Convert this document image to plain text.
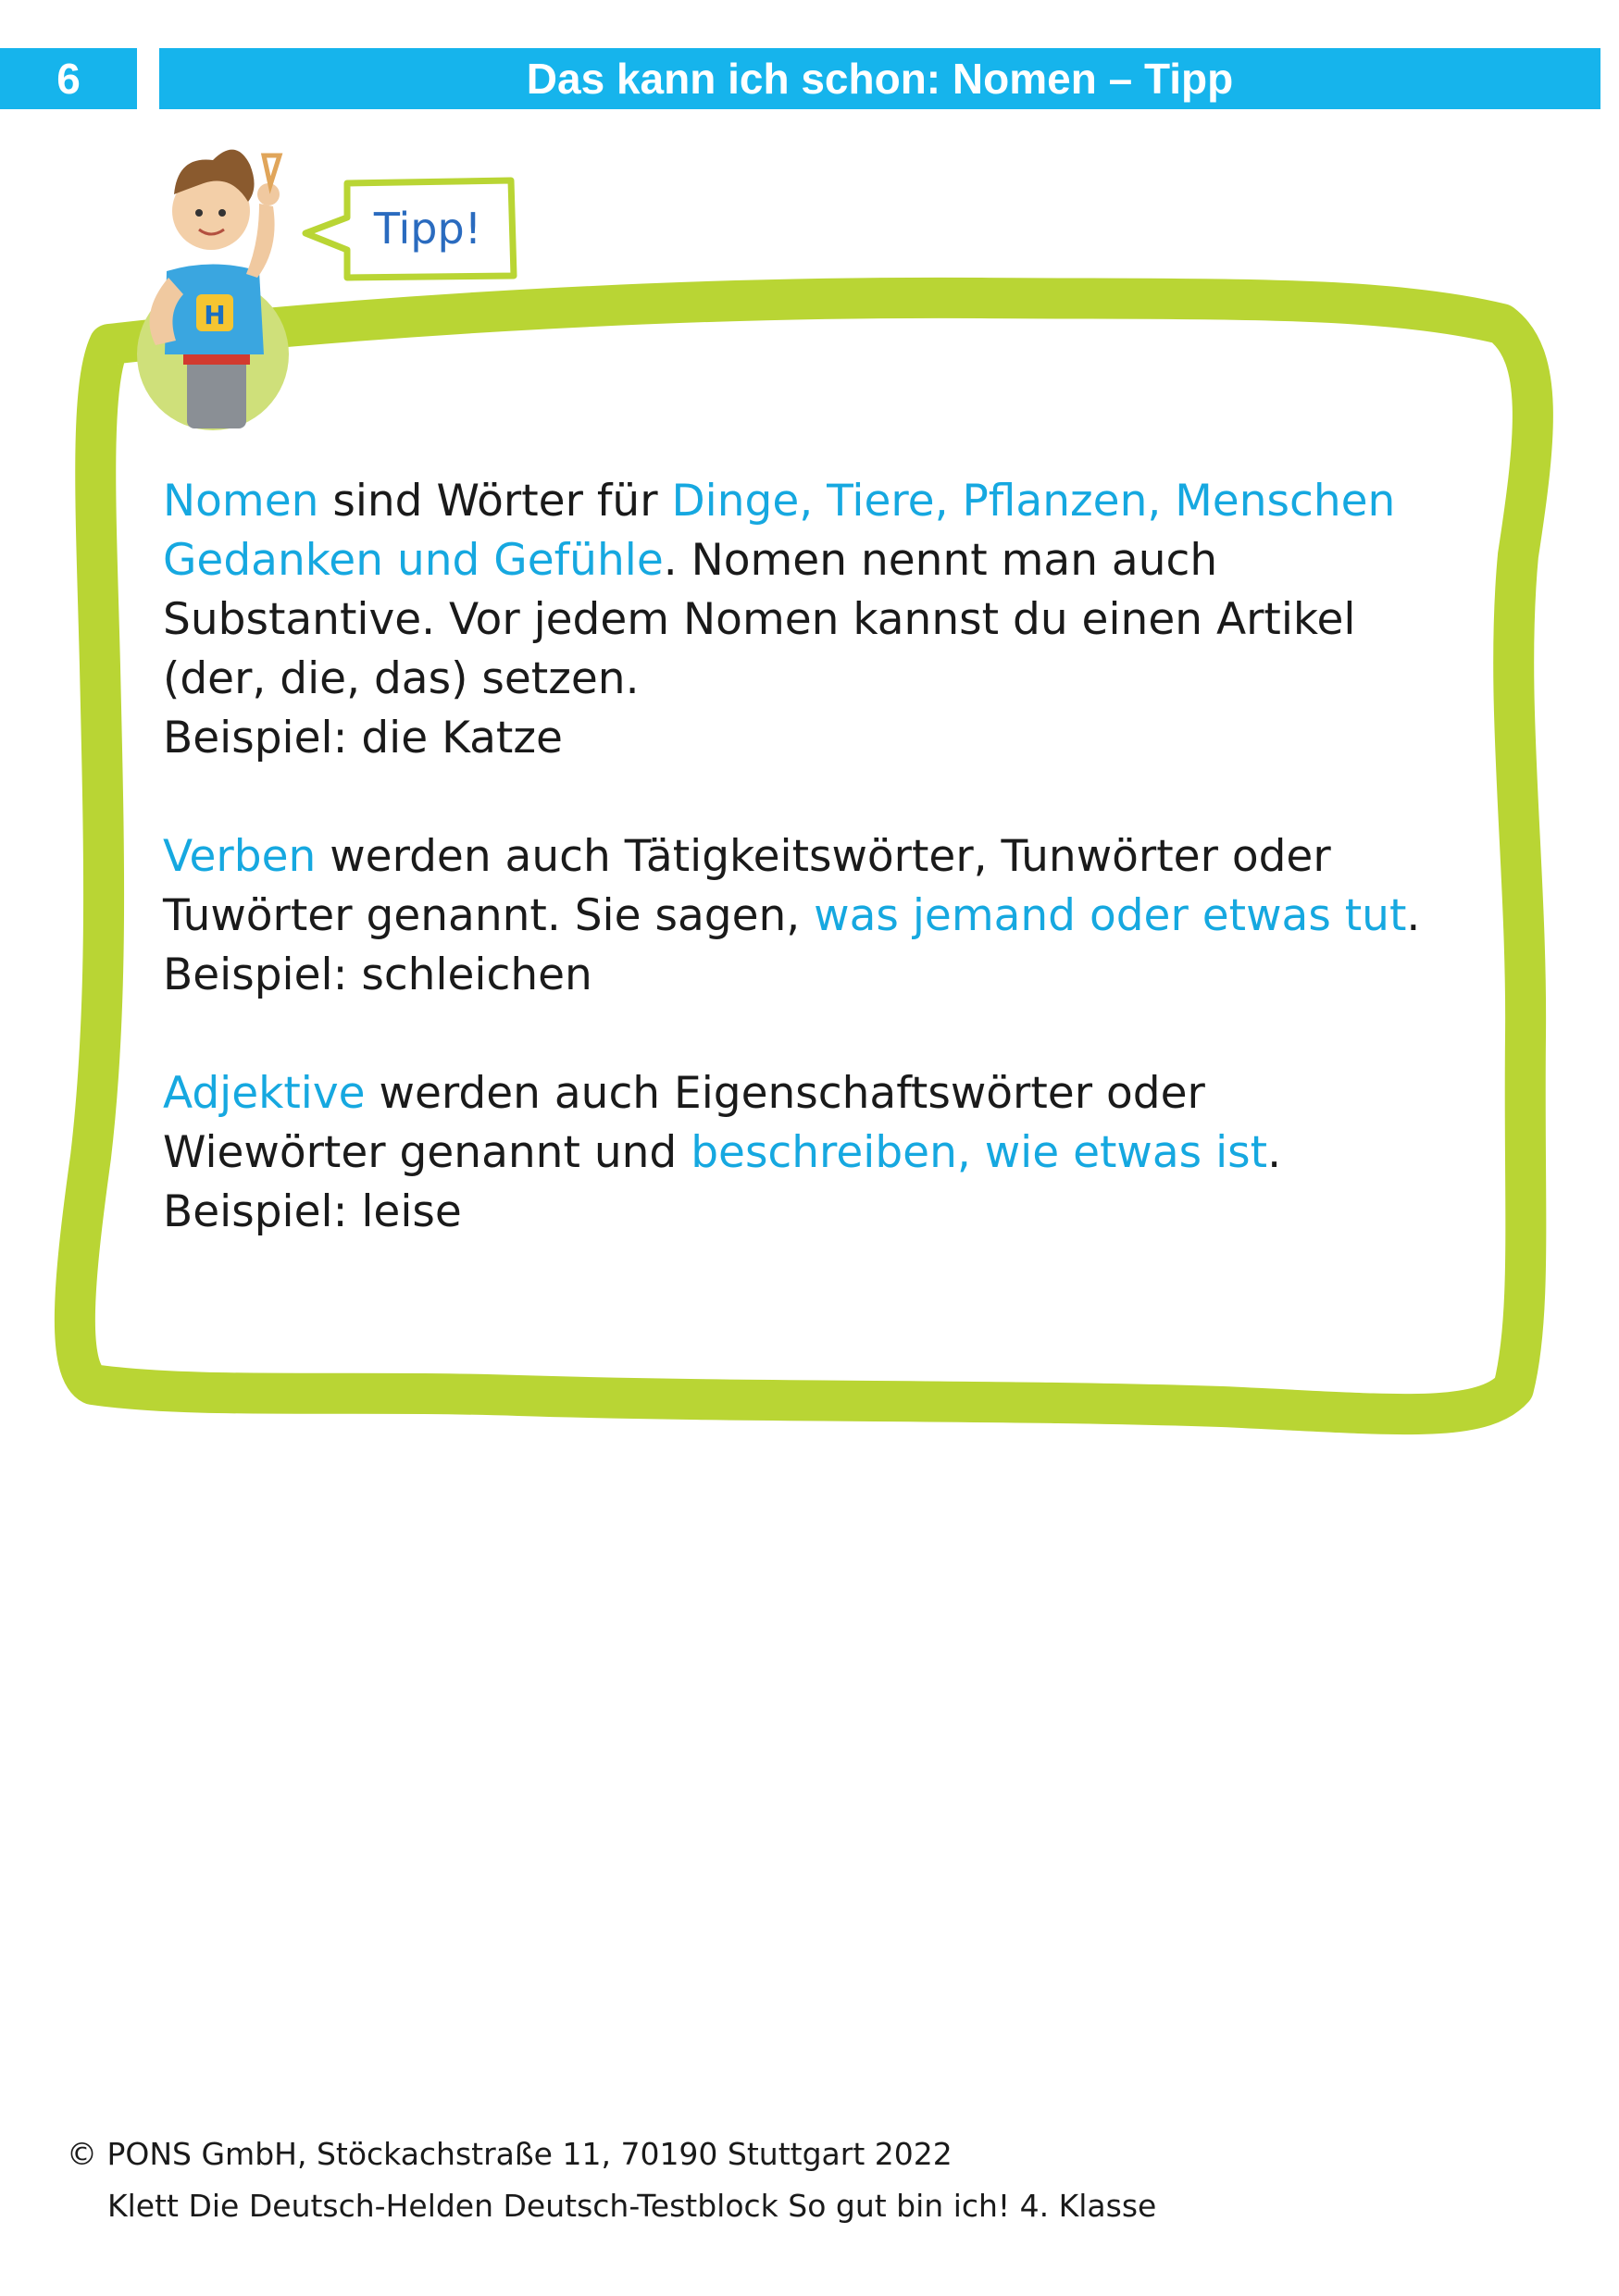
6	Das kann ich schon: Nomen – Tipp
H
Tipp!

Nomen sind Wörter für Dinge, Tiere, Pflanzen, Menschen
Gedanken und Gefühle. Nomen nennt man auch
Substantive. Vor jedem Nomen kannst du einen Artikel
(der, die, das) setzen.
Beispiel: die Katze

Verben werden auch Tätigkeitswörter, Tunwörter oder
Tuwörter genannt. Sie sagen, was jemand oder etwas tut.
Beispiel: schleichen

Adjektive werden auch Eigenschaftswörter oder
Wiewörter genannt und beschreiben, wie etwas ist.
Beispiel: leise

© PONS GmbH, Stöckachstraße 11, 70190 Stuttgart 2022
Klett Die Deutsch-Helden Deutsch-Testblock So gut bin ich! 4. Klasse
